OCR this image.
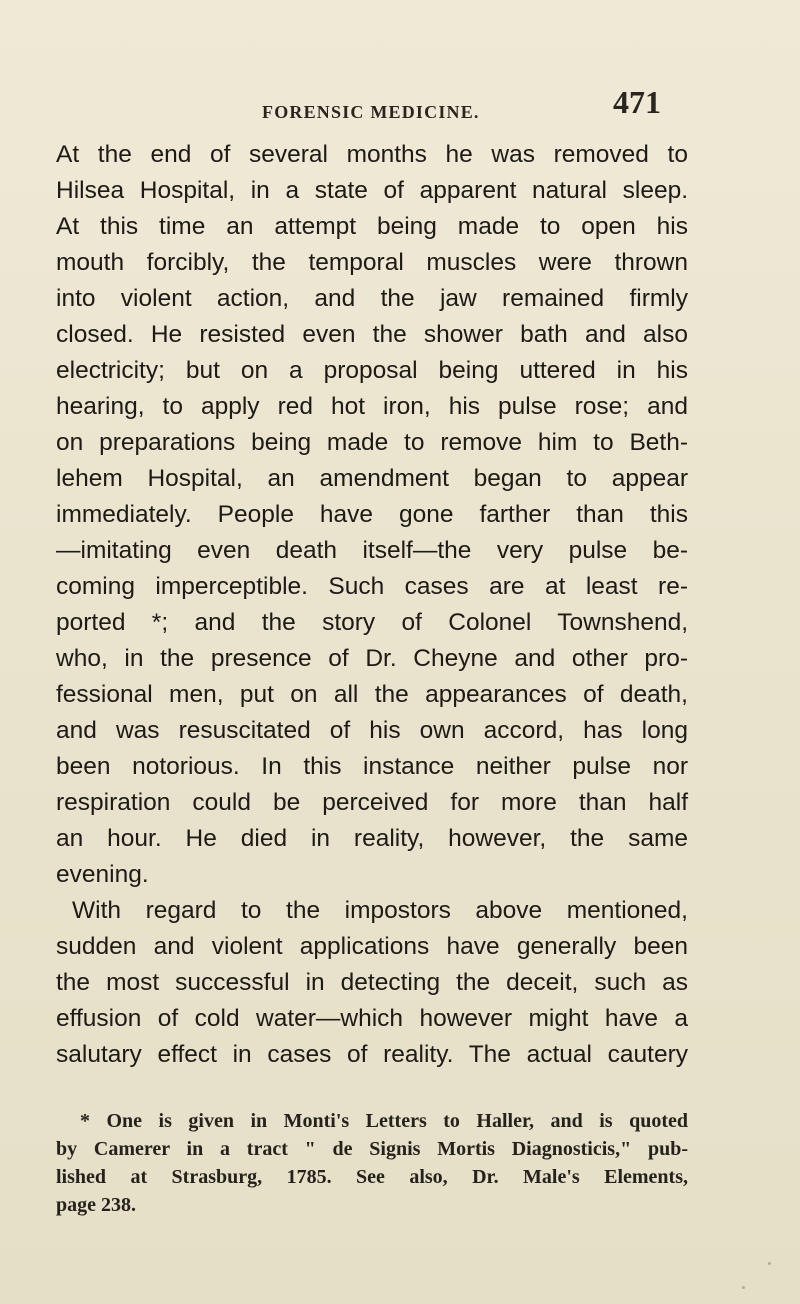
FORENSIC MEDICINE.	471
At the end of several months he was removed to
Hilsea Hospital, in a state of apparent natural sleep.
At this time an attempt being made to open his
mouth forcibly, the temporal muscles were thrown
into violent action, and the jaw remained firmly
closed. He resisted even the shower bath and also
electricity; but on a proposal being uttered in his
hearing, to apply red hot iron, his pulse rose; and
on preparations being made to remove him to Beth-
lehem Hospital, an amendment began to appear
immediately. People have gone farther than this
—imitating even death itself—the very pulse be-
coming imperceptible. Such cases are at least re-
ported *; and the story of Colonel Townshend,
who, in the presence of Dr. Cheyne and other pro-
fessional men, put on all the appearances of death,
and was resuscitated of his own accord, has long
been notorious. In this instance neither pulse nor
respiration could be perceived for more than half
an hour. He died in reality, however, the same
evening.
With regard to the impostors above mentioned,
sudden and violent applications have generally been
the most successful in detecting the deceit, such as
effusion of cold water—which however might have a
salutary effect in cases of reality. The actual cautery
* One is given in Monti's Letters to Haller, and is quoted
by Camerer in a tract " de Signis Mortis Diagnosticis," pub-
lished at Strasburg, 1785. See also, Dr. Male's Elements,
page 238.
